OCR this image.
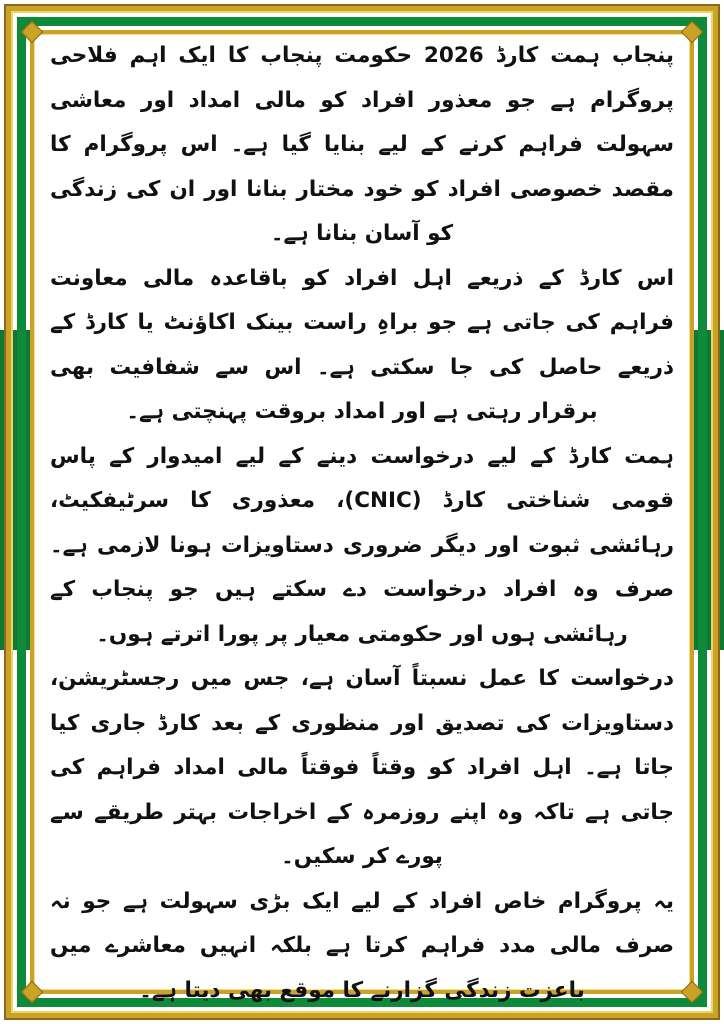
پنجاب ہمت کارڈ 2026 حکومت پنجاب کا ایک اہم فلاحی پروگرام ہے جو معذور افراد کو مالی امداد اور معاشی سہولت فراہم کرنے کے لیے بنایا گیا ہے۔ اس پروگرام کا مقصد خصوصی افراد کو خود مختار بنانا اور ان کی زندگی کو آسان بنانا ہے۔

اس کارڈ کے ذریعے اہل افراد کو باقاعدہ مالی معاونت فراہم کی جاتی ہے جو براہِ راست بینک اکاؤنٹ یا کارڈ کے ذریعے حاصل کی جا سکتی ہے۔ اس سے شفافیت بھی برقرار رہتی ہے اور امداد بروقت پہنچتی ہے۔

ہمت کارڈ کے لیے درخواست دینے کے لیے امیدوار کے پاس قومی شناختی کارڈ (CNIC)، معذوری کا سرٹیفکیٹ، رہائشی ثبوت اور دیگر ضروری دستاویزات ہونا لازمی ہے۔ صرف وہ افراد درخواست دے سکتے ہیں جو پنجاب کے رہائشی ہوں اور حکومتی معیار پر پورا اترتے ہوں۔

درخواست کا عمل نسبتاً آسان ہے، جس میں رجسٹریشن، دستاویزات کی تصدیق اور منظوری کے بعد کارڈ جاری کیا جاتا ہے۔ اہل افراد کو وقتاً فوقتاً مالی امداد فراہم کی جاتی ہے تاکہ وہ اپنے روزمرہ کے اخراجات بہتر طریقے سے پورے کر سکیں۔

یہ پروگرام خاص افراد کے لیے ایک بڑی سہولت ہے جو نہ صرف مالی مدد فراہم کرتا ہے بلکہ انہیں معاشرے میں باعزت زندگی گزارنے کا موقع بھی دیتا ہے۔
